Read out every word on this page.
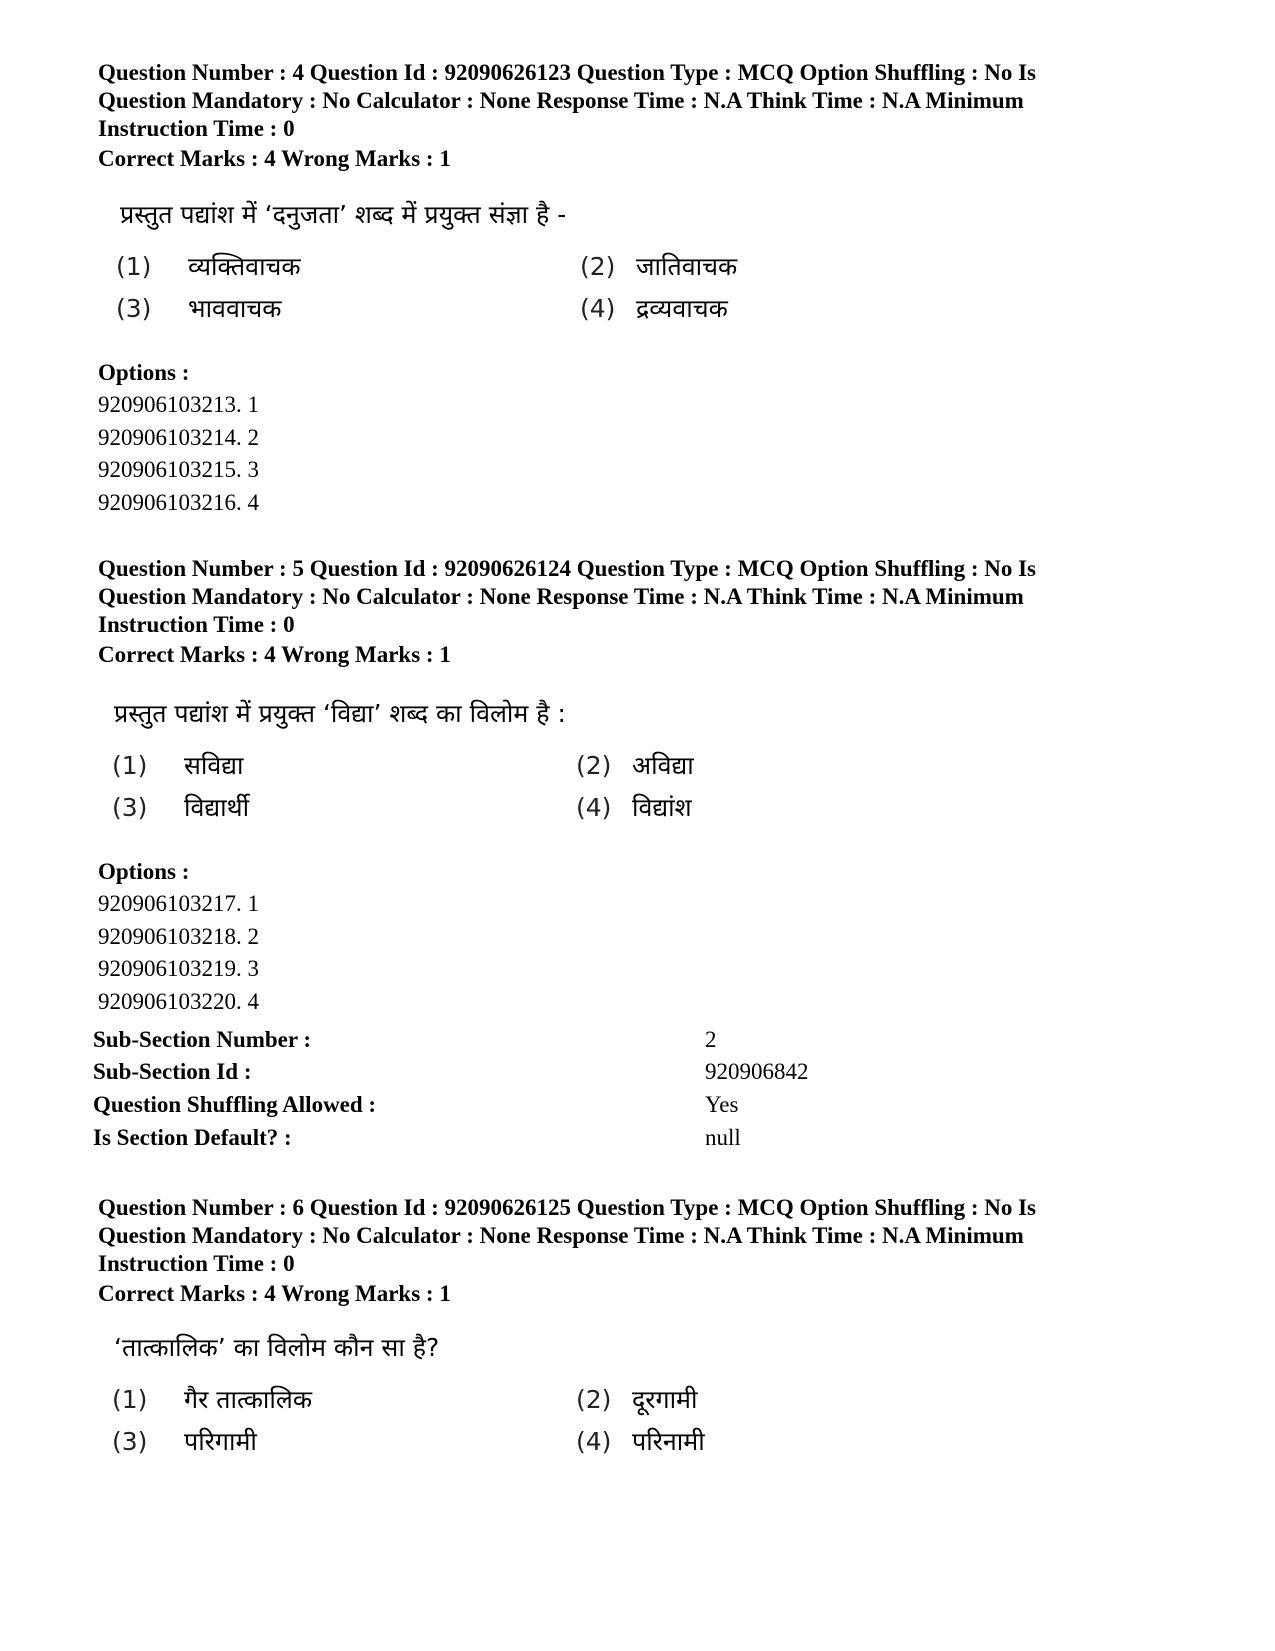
Question Number : 4 Question Id : 92090626123 Question Type : MCQ Option Shuffling : No Is
Question Mandatory : No Calculator : None Response Time : N.A Think Time : N.A Minimum
Instruction Time : 0
Correct Marks : 4 Wrong Marks : 1
प्रस्तुत पद्यांश में ‘दनुजता’ शब्द में प्रयुक्त संज्ञा है -
(1) व्यक्तिवाचक	(2) जातिवाचक
(3) भाववाचक	(4) द्रव्यवाचक
Options :
920906103213. 1
920906103214. 2
920906103215. 3
920906103216. 4
Question Number : 5 Question Id : 92090626124 Question Type : MCQ Option Shuffling : No Is
Question Mandatory : No Calculator : None Response Time : N.A Think Time : N.A Minimum
Instruction Time : 0
Correct Marks : 4 Wrong Marks : 1
प्रस्तुत पद्यांश में प्रयुक्त ‘विद्या’ शब्द का विलोम है :
(1) सविद्या	(2) अविद्या
(3) विद्यार्थी	(4) विद्यांश
Options :
920906103217. 1
920906103218. 2
920906103219. 3
920906103220. 4
Sub-Section Number :	2
Sub-Section Id :	920906842
Question Shuffling Allowed :	Yes
Is Section Default? :	null
Question Number : 6 Question Id : 92090626125 Question Type : MCQ Option Shuffling : No Is
Question Mandatory : No Calculator : None Response Time : N.A Think Time : N.A Minimum
Instruction Time : 0
Correct Marks : 4 Wrong Marks : 1
‘तात्कालिक’ का विलोम कौन सा है?
(1) गैर तात्कालिक	(2) दूरगामी
(3) परिगामी	(4) परिनामी
